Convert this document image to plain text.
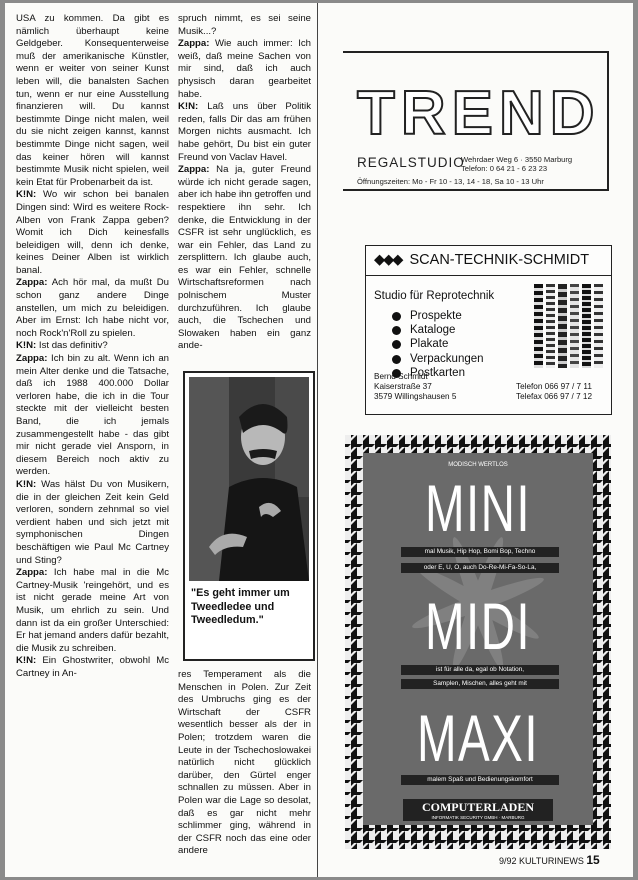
USA zu kommen. Da gibt es nämlich überhaupt keine Geldgeber. Konsequenterweise muß der amerikanische Künstler, wenn er weiter von seiner Kunst leben will, die banalsten Sachen tun, wenn er nur eine Ausstellung finanzieren will. Du kannst bestimmte Dinge nicht malen, weil du sie nicht zeigen kannst, kannst bestimmte Dinge nicht sagen, weil das keiner hören will kannst bestimmte Musik nicht spielen, weil kein Etat für Probenarbeit da ist.

K!N: Wo wir schon bei banalen Dingen sind: Wird es weitere Rock-Alben von Frank Zappa geben? Womit ich Dich keinesfalls beleidigen will, denn ich denke, keines Deiner Alben ist wirklich banal.

Zappa: Ach hör mal, da mußt Du schon ganz andere Dinge anstellen, um mich zu beleidigen. Aber im Ernst: Ich habe nicht vor, noch Rock'n'Roll zu spielen.

K!N: Ist das definitiv?

Zappa: Ich bin zu alt. Wenn ich an mein Alter denke und die Tatsache, daß ich 1988 400.000 Dollar verloren habe, die ich in die Tour steckte mit der vielleicht besten Band, die ich jemals zusammengestellt habe - das gibt mir nicht gerade viel Ansporn, in diesem Bereich noch aktiv zu werden.

K!N: Was hälst Du von Musikern, die in der gleichen Zeit kein Geld verloren, sondern zehnmal so viel verdient haben und sich jetzt mit symphonischen Dingen beschäftigen wie Paul Mc Cartney und Sting?

Zappa: Ich habe mal in die Mc Cartney-Musik 'reingehört, und es ist nicht gerade meine Art von Musik, um ehrlich zu sein. Und dann ist da ein großer Unterschied: Er hat jemand anders dafür bezahlt, die Musik zu schreiben.

K!N: Ein Ghostwriter, obwohl Mc Cartney in An-

spruch nimmt, es sei seine Musik...?

Zappa: Wie auch immer: Ich weiß, daß meine Sachen von mir sind, daß ich auch physisch daran gearbeitet habe.

K!N: Laß uns über Politik reden, falls Dir das am frühen Morgen nichts ausmacht. Ich habe gehört, Du bist ein guter Freund von Vaclav Havel.

Zappa: Na ja, guter Freund würde ich nicht gerade sagen, aber ich habe ihn getroffen und respektiere ihn sehr. Ich denke, die Entwicklung in der CSFR ist sehr unglücklich, es war ein Fehler, das Land zu zersplittern. Ich glaube auch, es war ein Fehler, schnelle Wirtschaftsreformen nach polnischem Muster durchzuführen. Ich glaube auch, die Tschechen und Slowaken haben ein ganz ande-

"Es geht immer um Tweedledee und Tweedledum."

res Temperament als die Menschen in Polen. Zur Zeit des Umbruchs ging es der Wirtschaft der CSFR wesentlich besser als der in Polen; trotzdem waren die Leute in der Tschechoslowakei natürlich nicht glücklich darüber, den Gürtel enger schnallen zu müssen. Aber in Polen war die Lage so desolat, daß es gar nicht mehr schlimmer ging, während in der CSFR noch das eine oder andere

TREND
REGALSTUDIO
Wehrdaer Weg 6 · 3550 Marburg
Telefon: 0 64 21 - 6 23 23
Öffnungszeiten: Mo - Fr 10 - 13, 14 - 18, Sa 10 - 13 Uhr
◆◆◆ SCAN-TECHNIK-SCHMIDT
Studio für Reprotechnik
Prospekte
Kataloge
Plakate
Verpackungen
Postkarten
Bernd Schmidt
Kaiserstraße 37
3579 Willingshausen 5
Telefon 066 97 / 7 11
Telefax 066 97 / 7 12
MODISCH WERTLOS
MINI
mal Musik, Hip Hop, Bomi Bop, Techno
oder E, U, O, auch Do-Re-Mi-Fa-So-La,
MIDI
ist für alle da, egal ob Notation,
Samplen, Mischen, alles geht mit
MAXI
malem Spaß und Bedienungskomfort
COMPUTERLADEN
INFORMATIK SECURITY GMBH · MARBURG
9/92 KULTURINEWS 15
